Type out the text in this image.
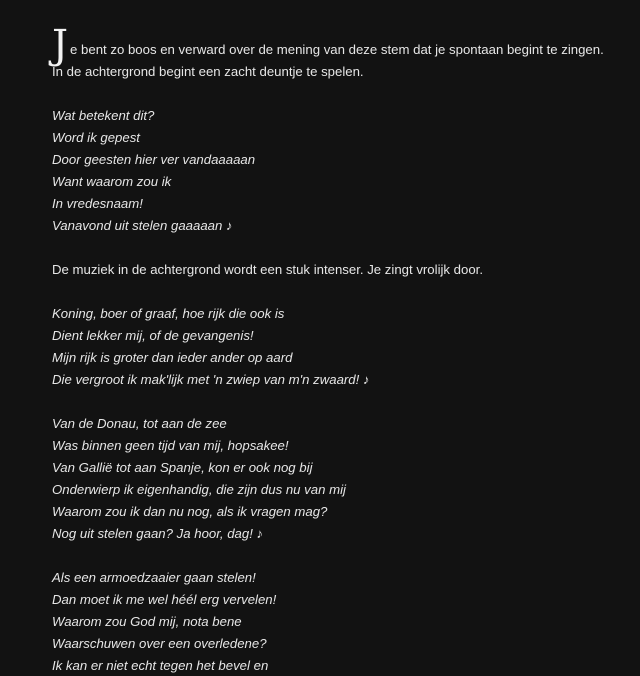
Je bent zo boos en verward over de mening van deze stem dat je spontaan begint te zingen.
In de achtergrond begint een zacht deuntje te spelen.

Wat betekent dit?
Word ik gepest
Door geesten hier ver vandaaaaan
Want waarom zou ik
In vredesnaam!
Vanavond uit stelen gaaaaan ♪

De muziek in de achtergrond wordt een stuk intenser. Je zingt vrolijk door.

Koning, boer of graaf, hoe rijk die ook is
Dient lekker mij, of de gevangenis!
Mijn rijk is groter dan ieder ander op aard
Die vergroot ik mak'lijk met 'n zwiep van m'n zwaard! ♪
Van de Donau, tot aan de zee
Was binnen geen tijd van mij, hopsakee!
Van Gallië tot aan Spanje, kon er ook nog bij
Onderwierp ik eigenhandig, die zijn dus nu van mij
Waarom zou ik dan nu nog, als ik vragen mag?
Nog uit stelen gaan? Ja hoor, dag! ♪
Als een armoedzaaier gaan stelen!
Dan moet ik me wel héél erg vervelen!
Waarom zou God mij, nota bene
Waarschuwen over een overledene?
Ik kan er niet echt tegen het bevel en
